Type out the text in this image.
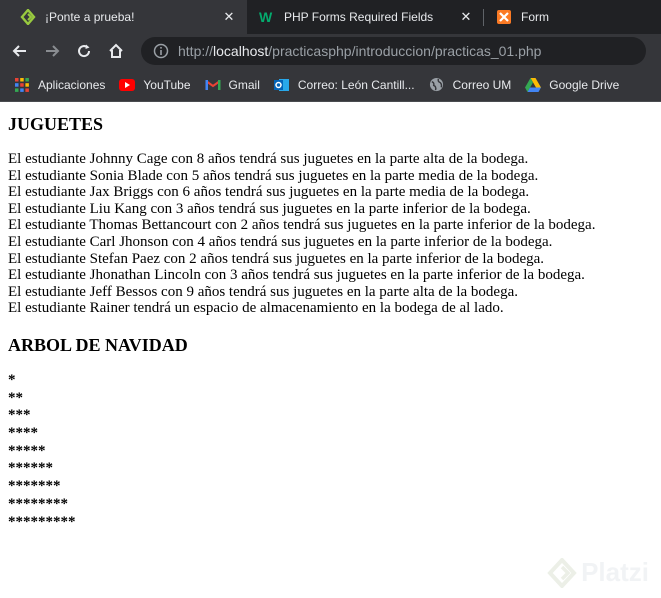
¡Ponte a prueba!	✕ W PHP Forms Required Fields	✕	Form
http:// localhost /practicasphp/introduccion/practicas_01.php
Aplicaciones	YouTube	Gmail	Correo: León Cantill...	Correo UM	Google Drive
JUGUETES
El estudiante Johnny Cage con 8 años tendrá sus juguetes en la parte alta de la bodega.
El estudiante Sonia Blade con 5 años tendrá sus juguetes en la parte media de la bodega.
El estudiante Jax Briggs con 6 años tendrá sus juguetes en la parte media de la bodega.
El estudiante Liu Kang con 3 años tendrá sus juguetes en la parte inferior de la bodega.
El estudiante Thomas Bettancourt con 2 años tendrá sus juguetes en la parte inferior de la bodega.
El estudiante Carl Jhonson con 4 años tendrá sus juguetes en la parte inferior de la bodega.
El estudiante Stefan Paez con 2 años tendrá sus juguetes en la parte inferior de la bodega.
El estudiante Jhonathan Lincoln con 3 años tendrá sus juguetes en la parte inferior de la bodega.
El estudiante Jeff Bessos con 9 años tendrá sus juguetes en la parte alta de la bodega.
El estudiante Rainer tendrá un espacio de almacenamiento en la bodega de al lado.
ARBOL DE NAVIDAD
*
**
***
****
*****
******
*******
********
*********
Platzi
